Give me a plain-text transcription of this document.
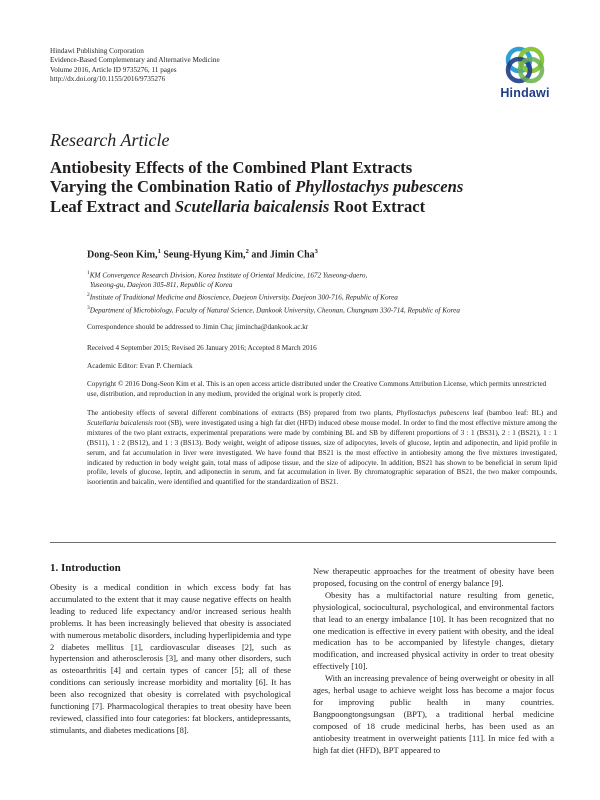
Hindawi Publishing Corporation
Evidence-Based Complementary and Alternative Medicine
Volume 2016, Article ID 9735276, 11 pages
http://dx.doi.org/10.1155/2016/9735276
Hindawi
Research Article
Antiobesity Effects of the Combined Plant Extracts
Varying the Combination Ratio of Phyllostachys pubescens
Leaf Extract and Scutellaria baicalensis Root Extract
Dong-Seon Kim,$^1$ Seung-Hyung Kim,$^2$ and Jimin Cha$^3$
$^1$KM Convergence Research Division, Korea Institute of Oriental Medicine, 1672 Yuseong-daero,
Yuseong-gu, Daejeon 305-811, Republic of Korea
$^2$Institute of Traditional Medicine and Bioscience, Daejeon University, Daejeon 300-716, Republic of Korea
$^3$Department of Microbiology, Faculty of Natural Science, Dankook University, Cheonan, Chungnam 330-714, Republic of Korea
Correspondence should be addressed to Jimin Cha; jimincha@dankook.ac.kr
Received 4 September 2015; Revised 26 January 2016; Accepted 8 March 2016
Academic Editor: Evan P. Cherniack
Copyright © 2016 Dong-Seon Kim et al. This is an open access article distributed under the Creative Commons Attribution License, which permits unrestricted use, distribution, and reproduction in any medium, provided the original work is properly cited.
The antiobesity effects of several different combinations of extracts (BS) prepared from two plants, Phyllostachys pubescens leaf (bamboo leaf: BL) and Scutellaria baicalensis root (SB), were investigated using a high fat diet (HFD) induced obese mouse model. In order to find the most effective mixture among the mixtures of the two plant extracts, experimental preparations were made by combining BL and SB by different proportions of 3 : 1 (BS31), 2 : 1 (BS21), 1 : 1 (BS11), 1 : 2 (BS12), and 1 : 3 (BS13). Body weight, weight of adipose tissues, size of adipocytes, levels of glucose, leptin and adiponectin, and lipid profile in serum, and fat accumulation in liver were investigated. We have found that BS21 is the most effective in antiobesity among the five mixtures investigated, indicated by reduction in body weight gain, total mass of adipose tissue, and the size of adipocyte. In addition, BS21 has shown to be beneficial in serum lipid profile, levels of glucose, leptin, and adiponectin in serum, and fat accumulation in liver. By chromatographic separation of BS21, the two maker compounds, isoorientin and baicalin, were identified and quantified for the standardization of BS21.
1. Introduction

Obesity is a medical condition in which excess body fat has accumulated to the extent that it may cause negative effects on health leading to reduced life expectancy and/or increased serious health problems. It has been increasingly believed that obesity is associated with numerous metabolic disorders, including hyperlipidemia and type 2 diabetes mellitus [1], cardiovascular diseases [2], such as hypertension and atherosclerosis [3], and many other disorders, such as osteoarthritis [4] and certain types of cancer [5]; all of these conditions can seriously increase morbidity and mortality [6]. It has been also recognized that obesity is correlated with psychological functioning [7]. Pharmacological therapies to treat obesity have been reviewed, classified into four categories: fat blockers, antidepressants, stimulants, and diabetes medications [8].

New therapeutic approaches for the treatment of obesity have been proposed, focusing on the control of energy balance [9].

Obesity has a multifactorial nature resulting from genetic, physiological, sociocultural, psychological, and environmental factors that lead to an energy imbalance [10]. It has been recognized that no one medication is effective in every patient with obesity, and the ideal medication has to be accompanied by lifestyle changes, dietary modification, and increased physical activity in order to treat obesity effectively [10].

With an increasing prevalence of being overweight or obesity in all ages, herbal usage to achieve weight loss has become a major focus for improving public health in many countries. Bangpoongtongsungsan (BPT), a traditional herbal medicine composed of 18 crude medicinal herbs, has been used as an antiobesity treatment in overweight patients [11]. In mice fed with a high fat diet (HFD), BPT appeared to
